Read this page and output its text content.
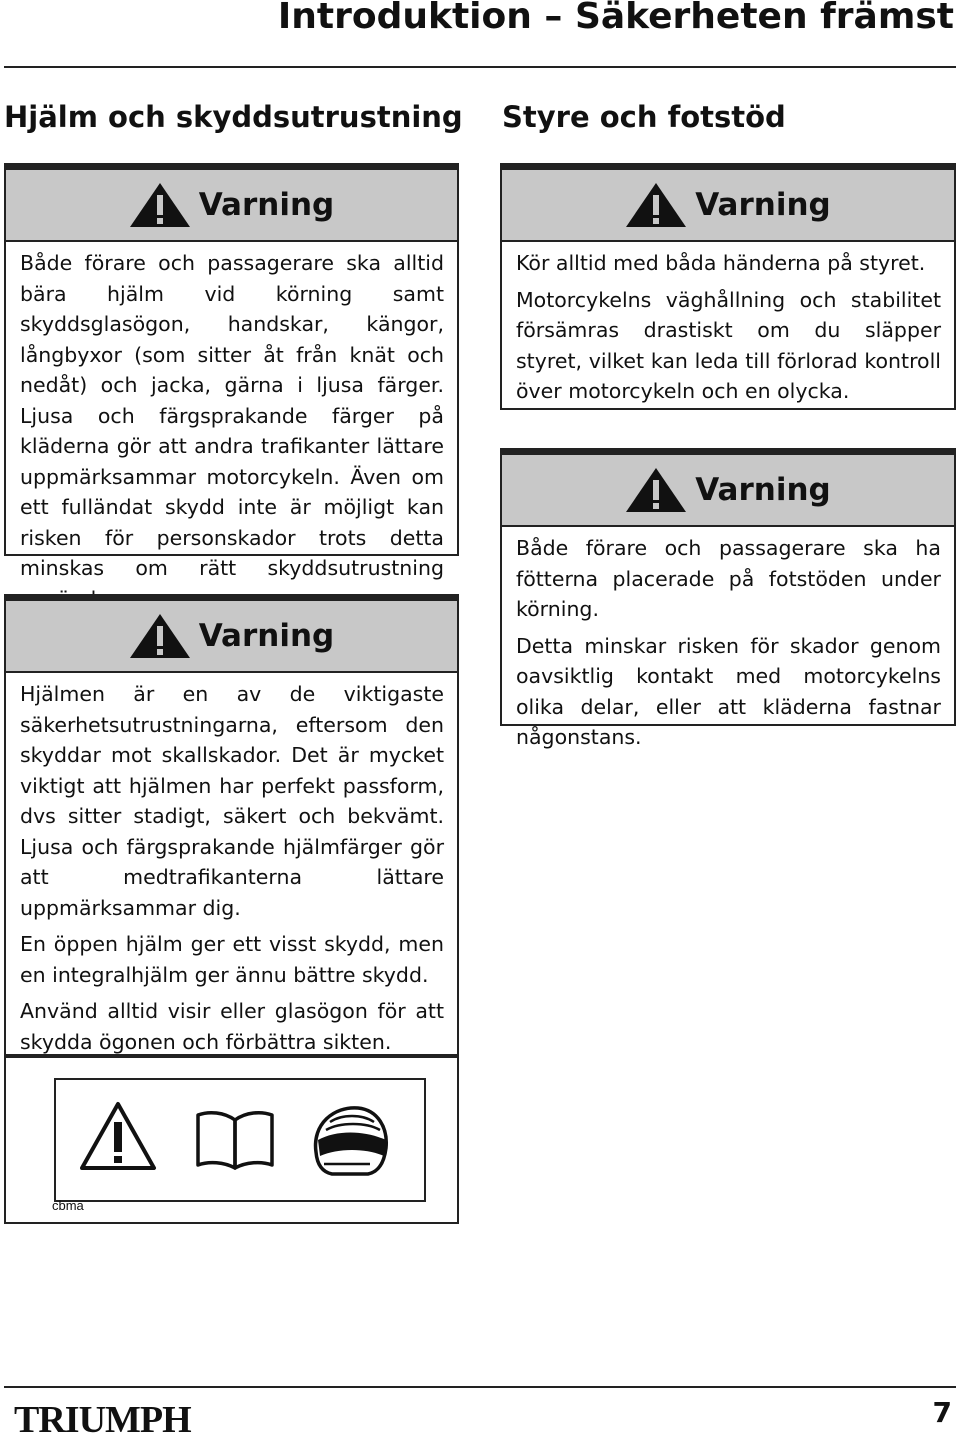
Introduktion – Säkerheten främst
Hjälm och skyddsutrustning
Varning

Både förare och passagerare ska alltid bära hjälm vid körning samt skyddsglasögon, handskar, kängor, långbyxor (som sitter åt från knät och nedåt) och jacka, gärna i ljusa färger. Ljusa och färgsprakande färger på kläderna gör att andra trafikanter lättare uppmärksammar motorcykeln. Även om ett fulländat skydd inte är möjligt kan risken för personskador trots detta minskas om rätt skyddsutrustning

Varning

Hjälmen är en av de viktigaste säkerhetsutrustningarna, eftersom den skyddar mot skallskador. Det är mycket viktigt att hjälmen har perfekt passform, dvs sitter stadigt, säkert och bekvämt. Ljusa och färgsprakande hjälmfärger gör att medtrafikanterna lättare uppmärksammar dig.

En öppen hjälm ger ett visst skydd, men en integralhjälm ger ännu bättre skydd.

Använd alltid visir eller glasögon för att skydda ögonen och förbättra sikten.

cbma
Styre och fotstöd
Varning

Kör alltid med båda händerna på styret.

Motorcykelns väghållning och stabilitet försämras drastiskt om du släpper styret, vilket kan leda till förlorad kontroll över motorcykeln och en olycka.

Varning

Både förare och passagerare ska ha fötterna placerade på fotstöden under körning.

Detta minskar risken för skador genom oavsiktlig kontakt med motorcykelns olika delar, eller att kläderna fastnar någonstans.

TRIUMPH	7
